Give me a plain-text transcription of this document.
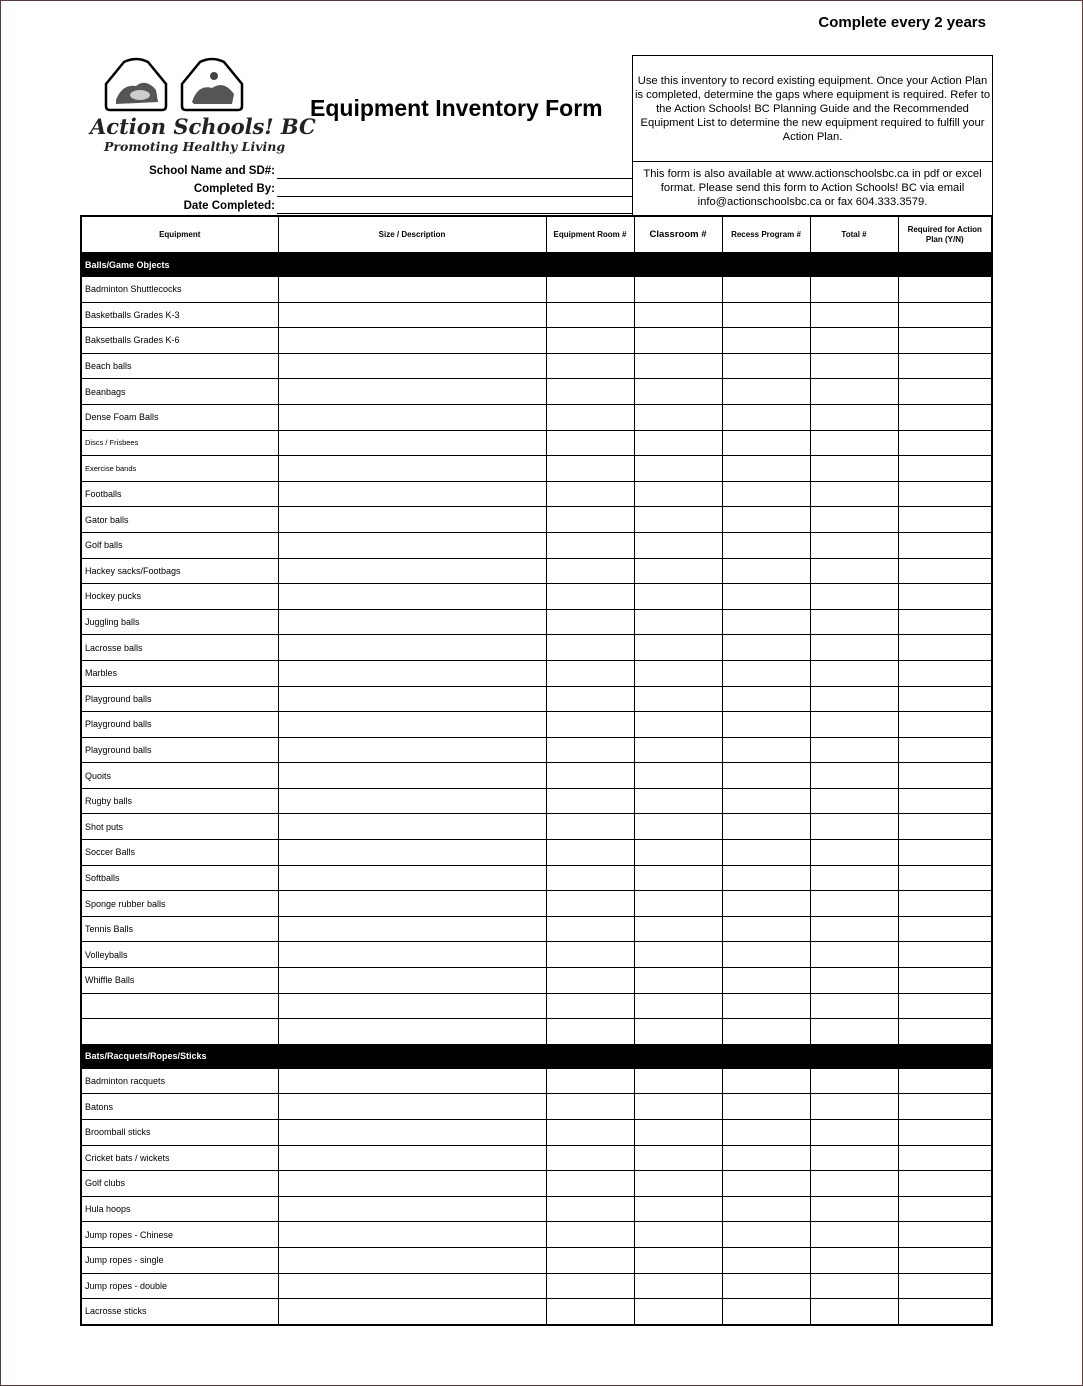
Complete every 2 years
Action Schools! BC
Promoting Healthy Living
Equipment Inventory Form
Use this inventory to record existing equipment. Once your Action Plan is completed, determine the gaps where equipment is required. Refer to the Action Schools! BC Planning Guide and the Recommended Equipment List to determine the new equipment required to fulfill your Action Plan.
This form is also available at www.actionschoolsbc.ca in pdf or excel format. Please send this form to Action Schools! BC via email info@actionschoolsbc.ca or fax 604.333.3579.
School Name and SD#:
Completed By:
Date Completed:
Equipment	Size / Description	Equipment Room #	Classroom #	Recess Program #	Total #	Required for Action Plan (Y/N)
Balls/Game Objects						
Badminton Shuttlecocks						
Basketballs Grades K-3						
Baksetballs Grades K-6						
Beach balls						
Beanbags						
Dense Foam Balls						
Discs / Frisbees						
Exercise bands						
Footballs						
Gator balls						
Golf balls						
Hackey sacks/Footbags						
Hockey pucks						
Juggling balls						
Lacrosse balls						
Marbles						
Playground balls						
Playground balls						
Playground balls						
Quoits						
Rugby balls						
Shot puts						
Soccer Balls						
Softballs						
Sponge rubber balls						
Tennis Balls						
Volleyballs						
Whiffle Balls						

Bats/Racquets/Ropes/Sticks						
Badminton racquets						
Batons						
Broomball sticks						
Cricket bats / wickets						
Golf clubs						
Hula hoops						
Jump ropes - Chinese						
Jump ropes - single						
Jump ropes - double						
Lacrosse sticks						
